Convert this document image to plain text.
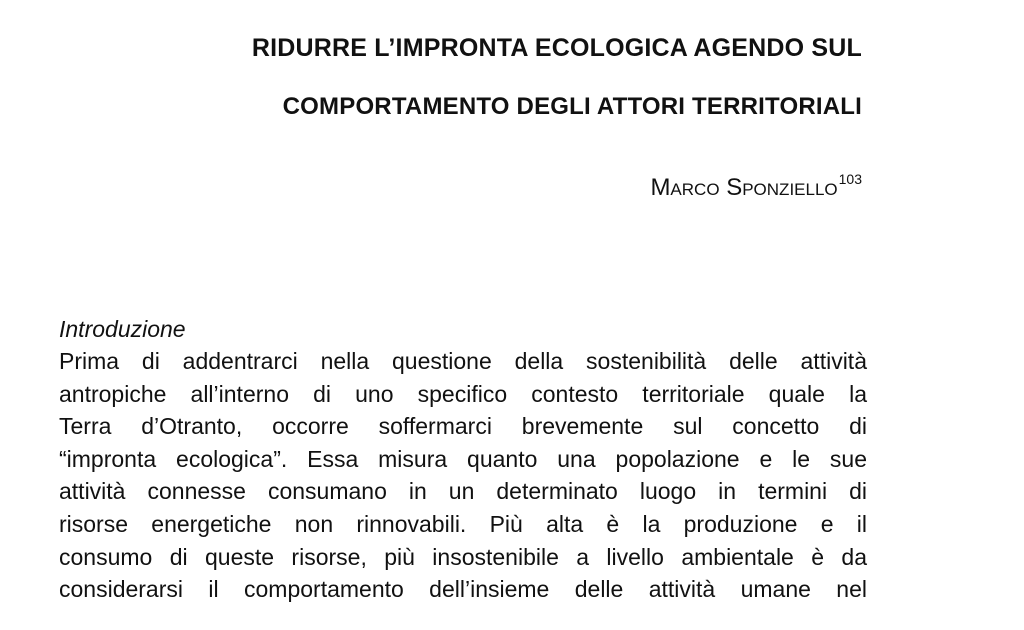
RIDURRE L’IMPRONTA ECOLOGICA AGENDO SUL
COMPORTAMENTO DEGLI ATTORI TERRITORIALI
Marco Sponziello$^{103}$
Introduzione
Prima di addentrarci nella questione della sostenibilità delle attività
antropiche all’interno di uno specifico contesto territoriale quale la
Terra d’Otranto, occorre soffermarci brevemente sul concetto di
“impronta ecologica”. Essa misura quanto una popolazione e le sue
attività connesse consumano in un determinato luogo in termini di
risorse energetiche non rinnovabili. Più alta è la produzione e il
consumo di queste risorse, più insostenibile a livello ambientale è da
considerarsi il comportamento dell’insieme delle attività umane nel
